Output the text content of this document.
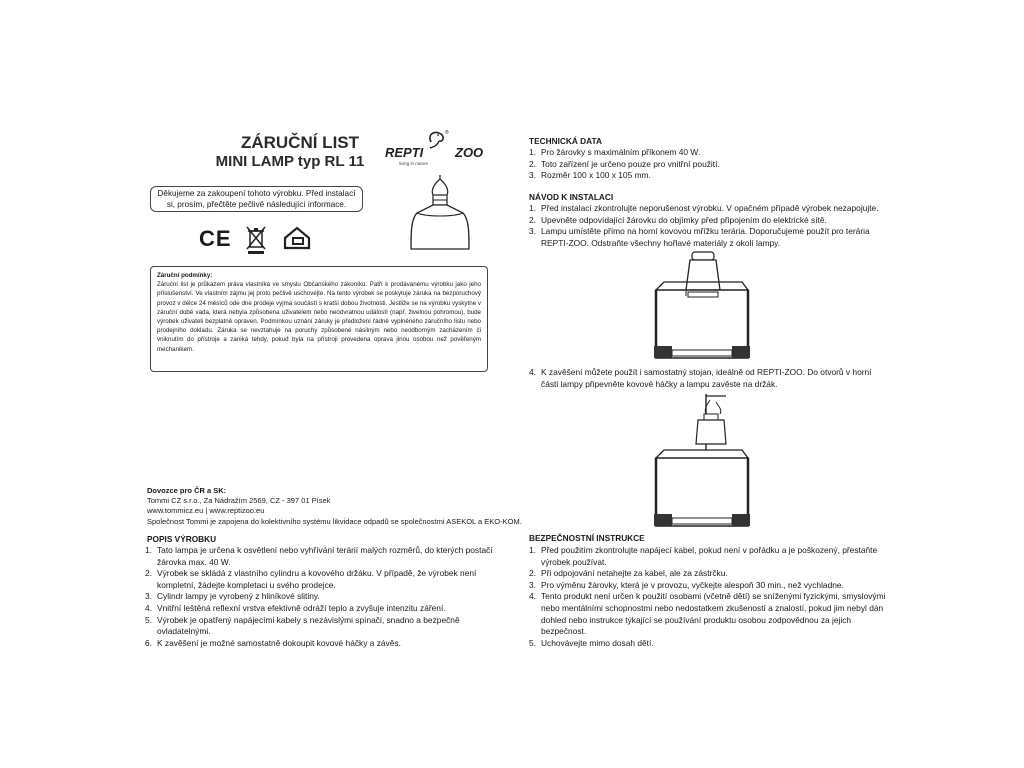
ZÁRUČNÍ LIST
MINI LAMP typ RL 11
REPTI ZOO
®
living in nature
Děkujeme za zakoupení tohoto výrobku. Před instalací si, prosím, přečtěte pečlivě následující informace.
CE
Záruční podmínky:

Záruční list je průkazem práva vlastníka ve smyslu Občanského zákoníku. Patří k prodávanému výrobku jako jeho příslušenství. Ve vlastním zájmu jej proto pečlivě uschovejte. Na tento výrobek se poskytuje záruka na bezporuchový provoz v délce 24 měsíců ode dne prodeje vyjma součástí s kratší dobou životnosti. Jestliže se na výrobku vyskytne v záruční době vada, která nebyla způsobena uživatelem nebo neodvratnou událostí (např. živelnou pohromou), bude výrobek uživateli bezplatně opraven. Podmínkou uznání záruky je předložení řádně vyplněného záručního listu nebo prodejního dokladu. Záruka se nevztahuje na poruchy způsobené násilným nebo neodborným zacházením či vniknutím do přístroje a zaniká tehdy, pokud byla na přístroji provedena oprava jinou osobou než pověřeným mechanikem.

Dovozce pro ČR a SK:
Tommi CZ s.r.o., Za Nádražím 2569, CZ - 397 01 Písek
www.tommicz.eu | www.reptizoo.eu
Společnost Tommi je zapojena do kolektivního systému likvidace odpadů se společnostmi ASEKOL a EKO-KOM.
POPIS VÝROBKU
1. Tato lampa je určena k osvětlení nebo vyhřívání terárií malých rozměrů, do kterých postačí žárovka max. 40 W.
2. Výrobek se skládá z vlastního cylindru a kovového držáku. V případě, že výrobek není kompletní, žádejte kompletaci u svého prodejce.
3. Cylindr lampy je vyrobený z hliníkové slitiny.
4. Vnitřní leštěná reflexní vrstva efektivně odráží teplo a zvyšuje intenzitu záření.
5. Výrobek je opatřený napájecími kabely s nezávislými spínači, snadno a bezpečně ovladatelnými.
6. K zavěšení je možné samostatně dokoupit kovové háčky a závěs.
TECHNICKÁ DATA
1. Pro žárovky s maximálním příkonem 40 W.
2. Toto zařízení je určeno pouze pro vnitřní použití.
3. Rozměr 100 x 100 x 105 mm.
NÁVOD K INSTALACI
1. Před instalací zkontrolujte neporušenost výrobku. V opačném případě výrobek nezapojujte.
2. Upevněte odpovídající žárovku do objímky před připojením do elektrické sítě.
3. Lampu umístěte přímo na horní kovovou mřížku terária. Doporučujeme použít pro terária REPTI-ZOO. Odstraňte všechny hořlavé materiály z okolí lampy.
4. K zavěšení můžete použít i samostatný stojan, ideálně od REPTI-ZOO. Do otvorů v horní části lampy připevněte kovové háčky a lampu zavěste na držák.
BEZPEČNOSTNÍ INSTRUKCE
1. Před použitím zkontrolujte napájecí kabel, pokud není v pořádku a je poškozený, přestaňte výrobek používat.
2. Při odpojování netahejte za kabel, ale za zástrčku.
3. Pro výměnu žárovky, která je v provozu, vyčkejte alespoň 30 min., než vychladne.
4. Tento produkt není určen k použití osobami (včetně dětí) se sníženými fyzickými, smyslovými nebo mentálními schopnostmi nebo nedostatkem zkušeností a znalostí, pokud jim nebyl dán dohled nebo instrukce týkající se používání produktu osobou zodpovědnou za jejich bezpečnost.
5. Uchovávejte mimo dosah dětí.
